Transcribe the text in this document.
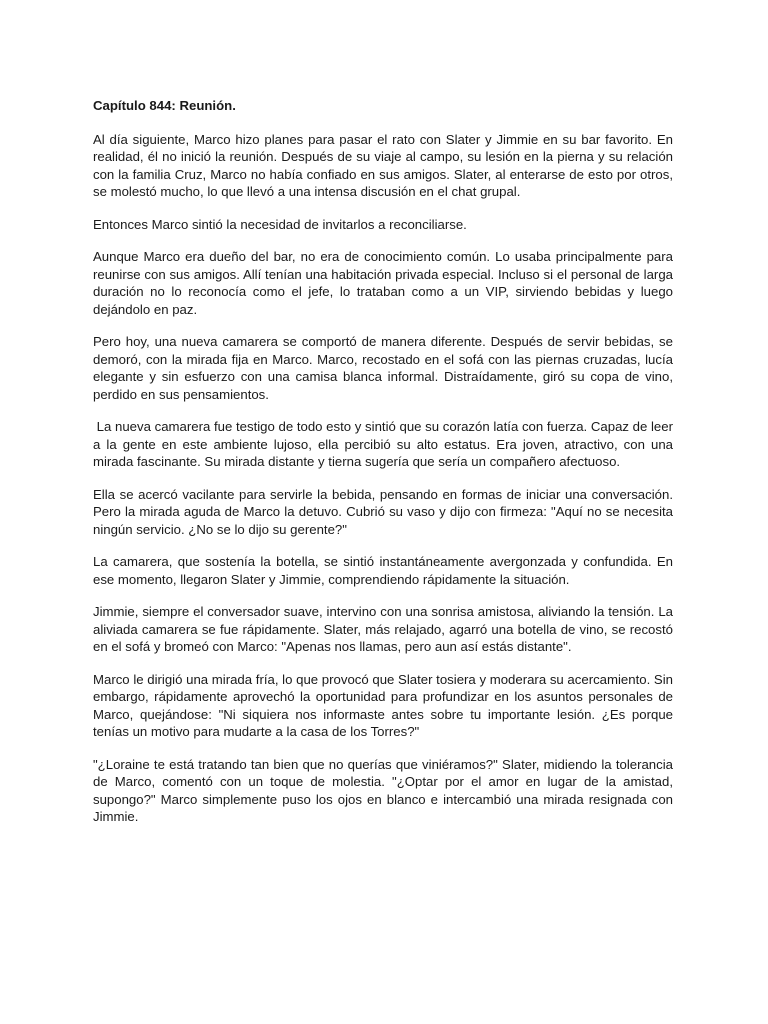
Capítulo 844: Reunión.

Al día siguiente, Marco hizo planes para pasar el rato con Slater y Jimmie en su bar favorito. En realidad, él no inició la reunión. Después de su viaje al campo, su lesión en la pierna y su relación con la familia Cruz, Marco no había confiado en sus amigos. Slater, al enterarse de esto por otros, se molestó mucho, lo que llevó a una intensa discusión en el chat grupal.

Entonces Marco sintió la necesidad de invitarlos a reconciliarse.

Aunque Marco era dueño del bar, no era de conocimiento común. Lo usaba principalmente para reunirse con sus amigos. Allí tenían una habitación privada especial. Incluso si el personal de larga duración no lo reconocía como el jefe, lo trataban como a un VIP, sirviendo bebidas y luego dejándolo en paz.

Pero hoy, una nueva camarera se comportó de manera diferente. Después de servir bebidas, se demoró, con la mirada fija en Marco. Marco, recostado en el sofá con las piernas cruzadas, lucía elegante y sin esfuerzo con una camisa blanca informal. Distraídamente, giró su copa de vino, perdido en sus pensamientos.

La nueva camarera fue testigo de todo esto y sintió que su corazón latía con fuerza. Capaz de leer a la gente en este ambiente lujoso, ella percibió su alto estatus. Era joven, atractivo, con una mirada fascinante. Su mirada distante y tierna sugería que sería un compañero afectuoso.

Ella se acercó vacilante para servirle la bebida, pensando en formas de iniciar una conversación. Pero la mirada aguda de Marco la detuvo. Cubrió su vaso y dijo con firmeza: "Aquí no se necesita ningún servicio. ¿No se lo dijo su gerente?"

La camarera, que sostenía la botella, se sintió instantáneamente avergonzada y confundida. En ese momento, llegaron Slater y Jimmie, comprendiendo rápidamente la situación.

Jimmie, siempre el conversador suave, intervino con una sonrisa amistosa, aliviando la tensión. La aliviada camarera se fue rápidamente. Slater, más relajado, agarró una botella de vino, se recostó en el sofá y bromeó con Marco: "Apenas nos llamas, pero aun así estás distante".

Marco le dirigió una mirada fría, lo que provocó que Slater tosiera y moderara su acercamiento. Sin embargo, rápidamente aprovechó la oportunidad para profundizar en los asuntos personales de Marco, quejándose: "Ni siquiera nos informaste antes sobre tu importante lesión. ¿Es porque tenías un motivo para mudarte a la casa de los Torres?"

"¿Loraine te está tratando tan bien que no querías que viniéramos?" Slater, midiendo la tolerancia de Marco, comentó con un toque de molestia. "¿Optar por el amor en lugar de la amistad, supongo?" Marco simplemente puso los ojos en blanco e intercambió una mirada resignada con Jimmie.
